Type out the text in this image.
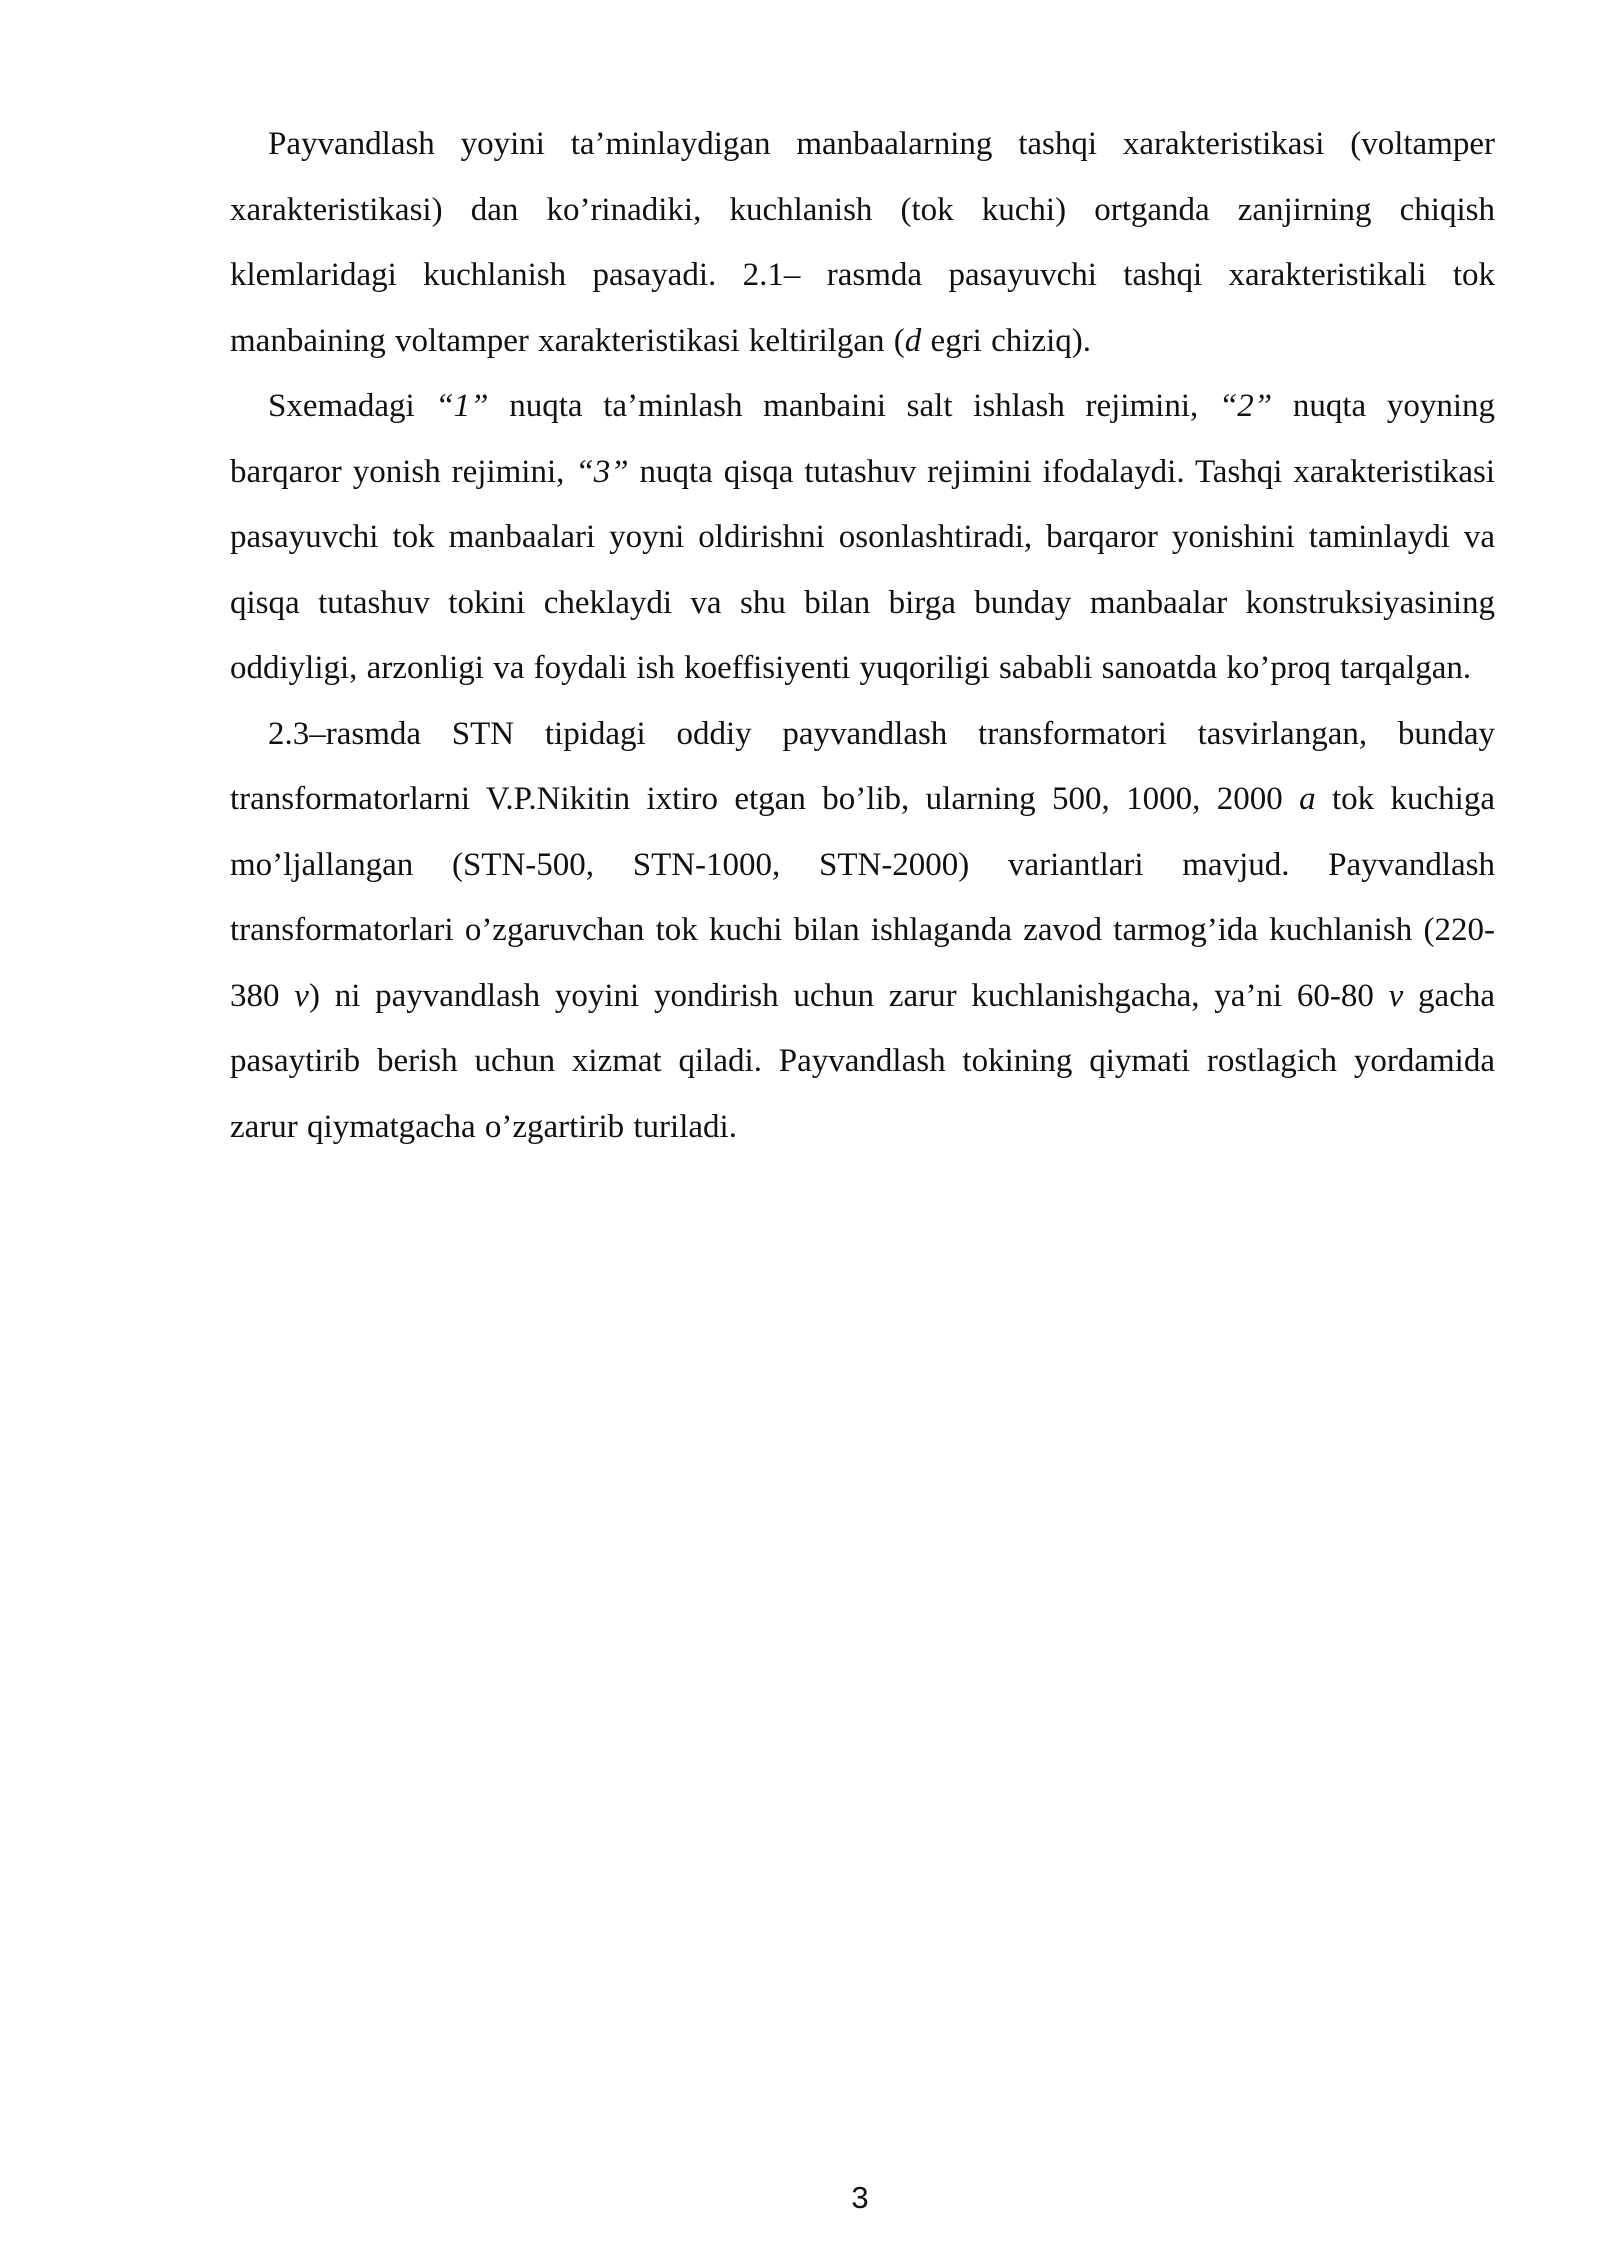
Payvandlash yoyini ta’minlaydigan manbaalarning tashqi xarakteristikasi (voltamper xarakteristikasi) dan ko’rinadiki, kuchlanish (tok kuchi) ortganda zanjirning chiqish klemlaridagi kuchlanish pasayadi. 2.1– rasmda pasayuvchi tashqi xarakteristikali tok manbaining voltamper xarakteristikasi keltirilgan (d egri chiziq).

Sxemadagi “1” nuqta ta’minlash manbaini salt ishlash rejimini, “2” nuqta yoyning barqaror yonish rejimini, “3” nuqta qisqa tutashuv rejimini ifodalaydi. Tashqi xarakteristikasi pasayuvchi tok manbaalari yoyni oldirishni osonlashtiradi, barqaror yonishini taminlaydi va qisqa tutashuv tokini cheklaydi va shu bilan birga bunday manbaalar konstruksiyasining oddiyligi, arzonligi va foydali ish koeffisiyenti yuqoriligi sababli sanoatda ko’proq tarqalgan.

2.3–rasmda STN tipidagi oddiy payvandlash transformatori tasvirlangan, bunday transformatorlarni V.P.Nikitin ixtiro etgan bo’lib, ularning 500, 1000, 2000 a tok kuchiga mo’ljallangan (STN-500, STN-1000, STN-2000) variantlari mavjud. Payvandlash transformatorlari o’zgaruvchan tok kuchi bilan ishlaganda zavod tarmog’ida kuchlanish (220-380 v) ni payvandlash yoyini yondirish uchun zarur kuchlanishgacha, ya’ni 60-80 v gacha pasaytirib berish uchun xizmat qiladi. Payvandlash tokining qiymati rostlagich yordamida zarur qiymatgacha o’zgartirib turiladi.

3
